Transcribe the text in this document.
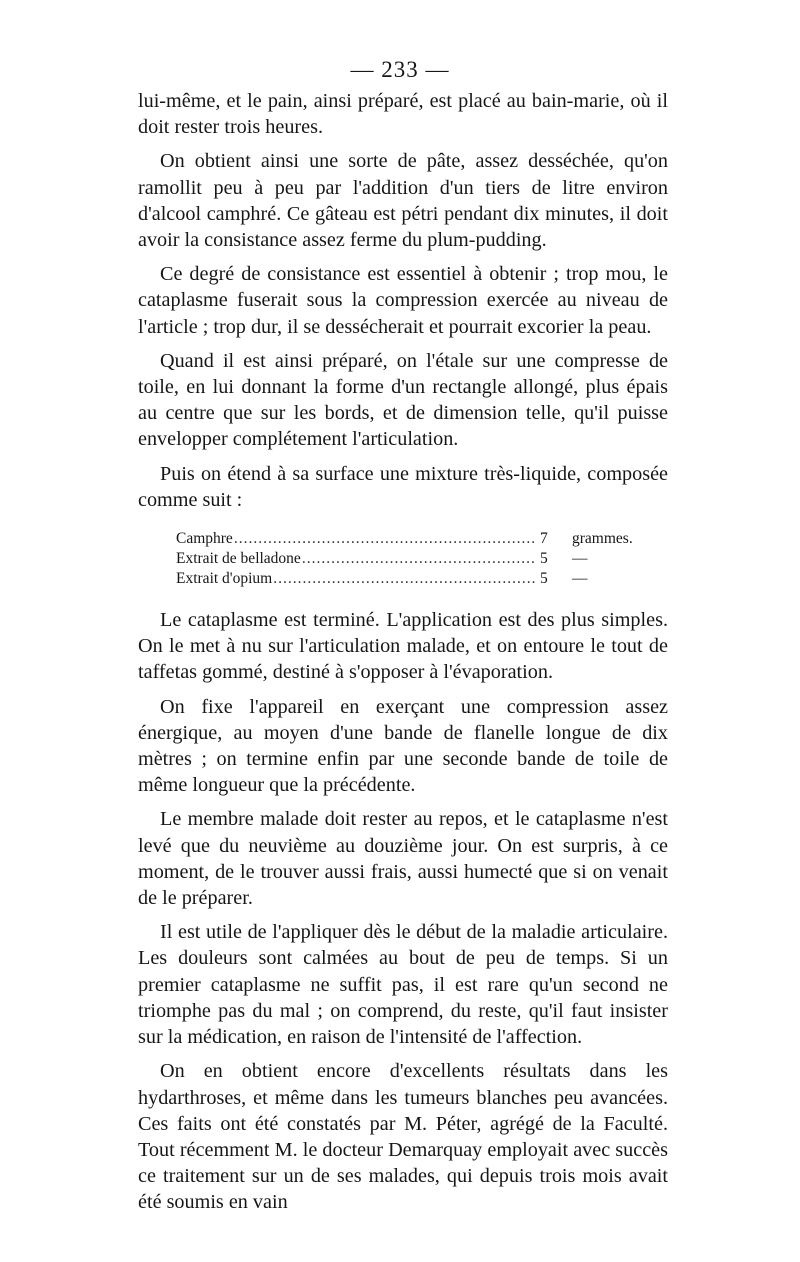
— 233 —

lui-même, et le pain, ainsi préparé, est placé au bain-marie, où il doit rester trois heures.

On obtient ainsi une sorte de pâte, assez desséchée, qu'on ramollit peu à peu par l'addition d'un tiers de litre environ d'alcool camphré. Ce gâteau est pétri pendant dix minutes, il doit avoir la consistance assez ferme du plum-pudding.

Ce degré de consistance est essentiel à obtenir ; trop mou, le cataplasme fuserait sous la compression exercée au niveau de l'article ; trop dur, il se dessécherait et pourrait excorier la peau.

Quand il est ainsi préparé, on l'étale sur une compresse de toile, en lui donnant la forme d'un rectangle allongé, plus épais au centre que sur les bords, et de dimension telle, qu'il puisse envelopper complétement l'articulation.

Puis on étend à sa surface une mixture très-liquide, composée comme suit :

Camphre .....	7	grammes.
Extrait de belladone .....	5	—
Extrait d'opium .....	5	—

Le cataplasme est terminé. L'application est des plus simples. On le met à nu sur l'articulation malade, et on entoure le tout de taffetas gommé, destiné à s'opposer à l'évaporation.

On fixe l'appareil en exerçant une compression assez énergique, au moyen d'une bande de flanelle longue de dix mètres ; on termine enfin par une seconde bande de toile de même longueur que la précédente.

Le membre malade doit rester au repos, et le cataplasme n'est levé que du neuvième au douzième jour. On est surpris, à ce moment, de le trouver aussi frais, aussi humecté que si on venait de le préparer.

Il est utile de l'appliquer dès le début de la maladie articulaire. Les douleurs sont calmées au bout de peu de temps. Si un premier cataplasme ne suffit pas, il est rare qu'un second ne triomphe pas du mal ; on comprend, du reste, qu'il faut insister sur la médication, en raison de l'intensité de l'affection.

On en obtient encore d'excellents résultats dans les hydarthroses, et même dans les tumeurs blanches peu avancées. Ces faits ont été constatés par M. Péter, agrégé de la Faculté. Tout récemment M. le docteur Demarquay employait avec succès ce traitement sur un de ses malades, qui depuis trois mois avait été soumis en vain
